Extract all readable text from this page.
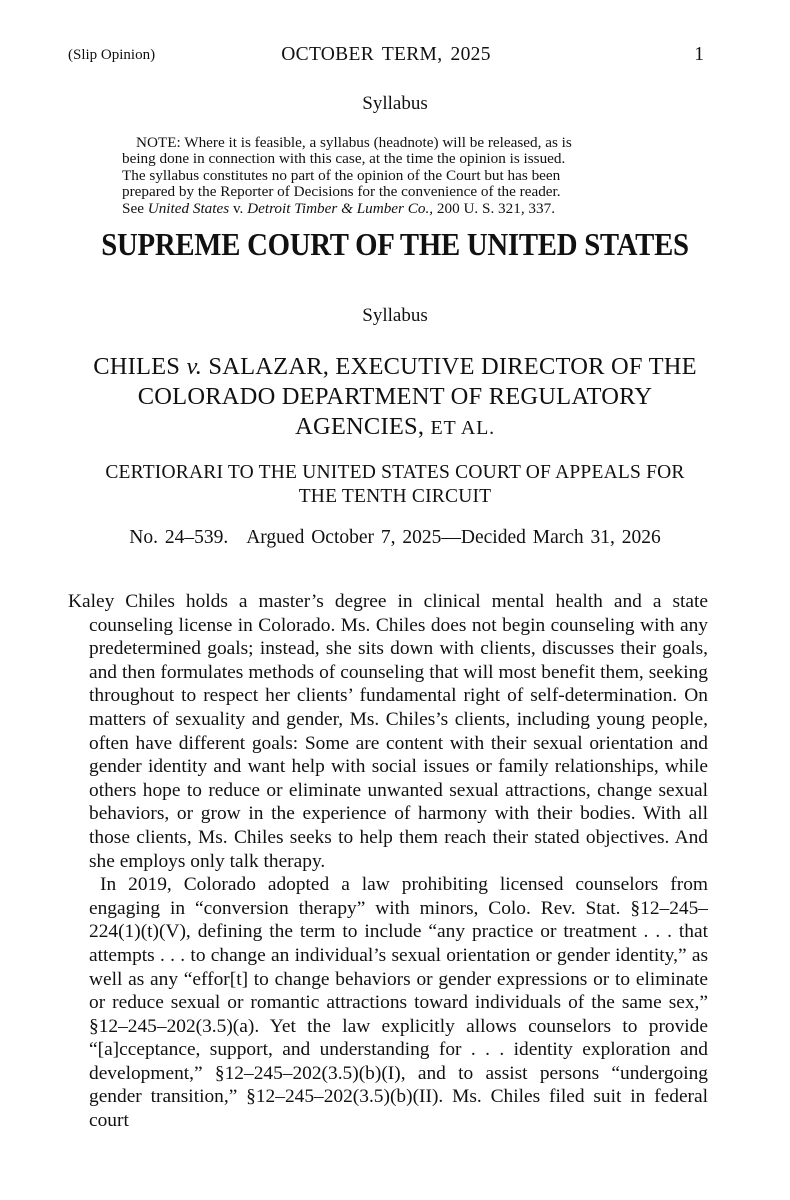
(Slip Opinion)	OCTOBER TERM, 2025	1
Syllabus
NOTE: Where it is feasible, a syllabus (headnote) will be released, as is
being done in connection with this case, at the time the opinion is issued.
The syllabus constitutes no part of the opinion of the Court but has been
prepared by the Reporter of Decisions for the convenience of the reader.
See United States v. Detroit Timber & Lumber Co., 200 U. S. 321, 337.
SUPREME COURT OF THE UNITED STATES
Syllabus
CHILES v. SALAZAR, EXECUTIVE DIRECTOR OF THE
COLORADO DEPARTMENT OF REGULATORY
AGENCIES, ET AL.
CERTIORARI TO THE UNITED STATES COURT OF APPEALS FOR
THE TENTH CIRCUIT
No. 24–539. Argued October 7, 2025—Decided March 31, 2026

Kaley Chiles holds a master’s degree in clinical mental health and a state counseling license in Colorado. Ms. Chiles does not begin counseling with any predetermined goals; instead, she sits down with clients, discusses their goals, and then formulates methods of counseling that will most benefit them, seeking throughout to respect her clients’ fundamental right of self-determination. On matters of sexuality and gender, Ms. Chiles’s clients, including young people, often have different goals: Some are content with their sexual orientation and gender identity and want help with social issues or family relationships, while others hope to reduce or eliminate unwanted sexual attractions, change sexual behaviors, or grow in the experience of harmony with their bodies. With all those clients, Ms. Chiles seeks to help them reach their stated objectives. And she employs only talk therapy.

In 2019, Colorado adopted a law prohibiting licensed counselors from engaging in “conversion therapy” with minors, Colo. Rev. Stat. §12–245–224(1)(t)(V), defining the term to include “any practice or treatment . . . that attempts . . . to change an individual’s sexual orientation or gender identity,” as well as any “effor[t] to change behaviors or gender expressions or to eliminate or reduce sexual or romantic attractions toward individuals of the same sex,” §12–245–202(3.5)(a). Yet the law explicitly allows counselors to provide “[a]cceptance, support, and understanding for . . . identity exploration and development,” §12–245–202(3.5)(b)(I), and to assist persons “undergoing gender transition,” §12–245–202(3.5)(b)(II). Ms. Chiles filed suit in federal court
